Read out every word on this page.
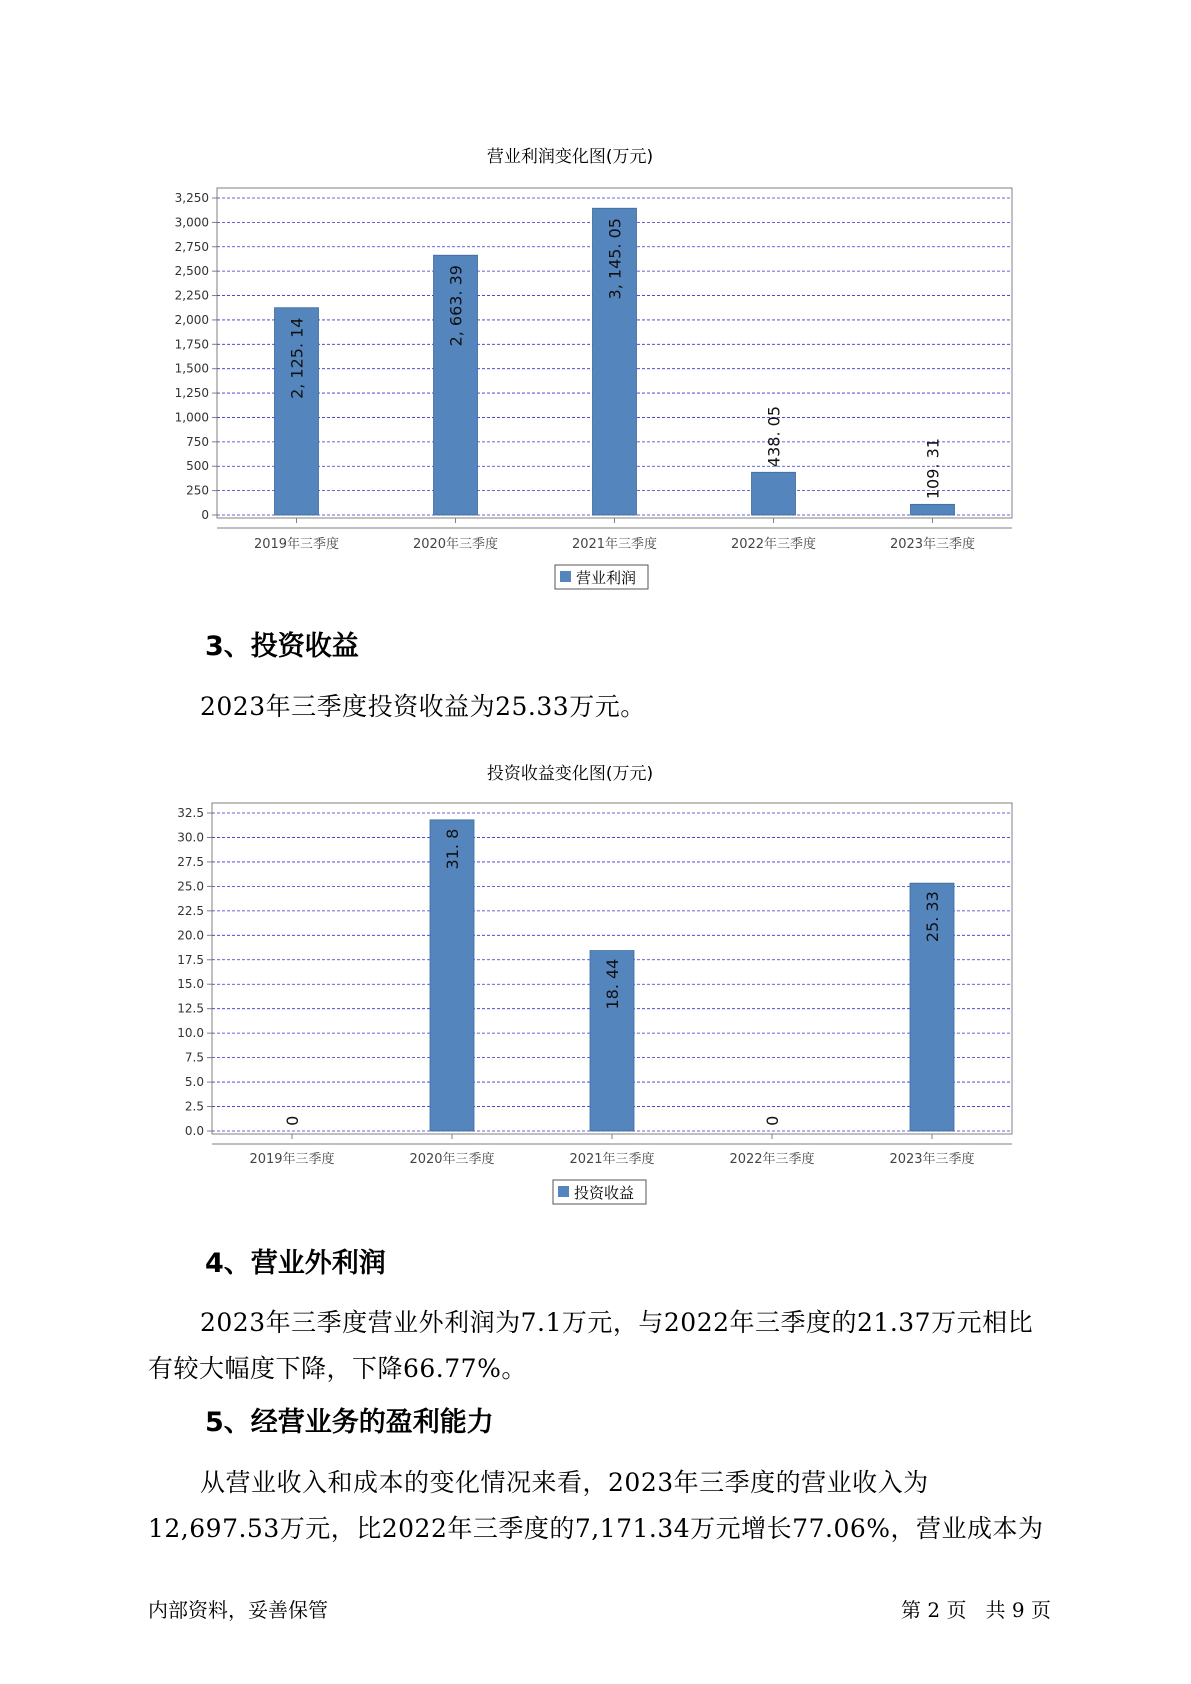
营业利润变化图(万元)
0
250
500
750
1,000
1,250
1,500
1,750
2,000
2,250
2,500
2,750
3,000
3,250
2, 125. 14
2, 663. 39
3, 145. 05
438. 05
109. 31
2019年三季度	2020年三季度	2021年三季度	2022年三季度	2023年三季度
营业利润
3、投资收益

2023年三季度投资收益为25.33万元。

投资收益变化图(万元)
0.0
2.5
5.0
7.5
10.0
12.5
15.0
17.5
20.0
22.5
25.0
27.5
30.0
32.5
0
31. 8
18. 44
0
25. 33
2019年三季度	2020年三季度	2021年三季度	2022年三季度	2023年三季度
投资收益
4、营业外利润

2023年三季度营业外利润为7.1万元，与2022年三季度的21.37万元相比有较大幅度下降，下降66.77%。

5、经营业务的盈利能力

从营业收入和成本的变化情况来看，2023年三季度的营业收入为12,697.53万元，比2022年三季度的7,171.34万元增长77.06%，营业成本为

内部资料，妥善保管	第 2 页   共 9 页
